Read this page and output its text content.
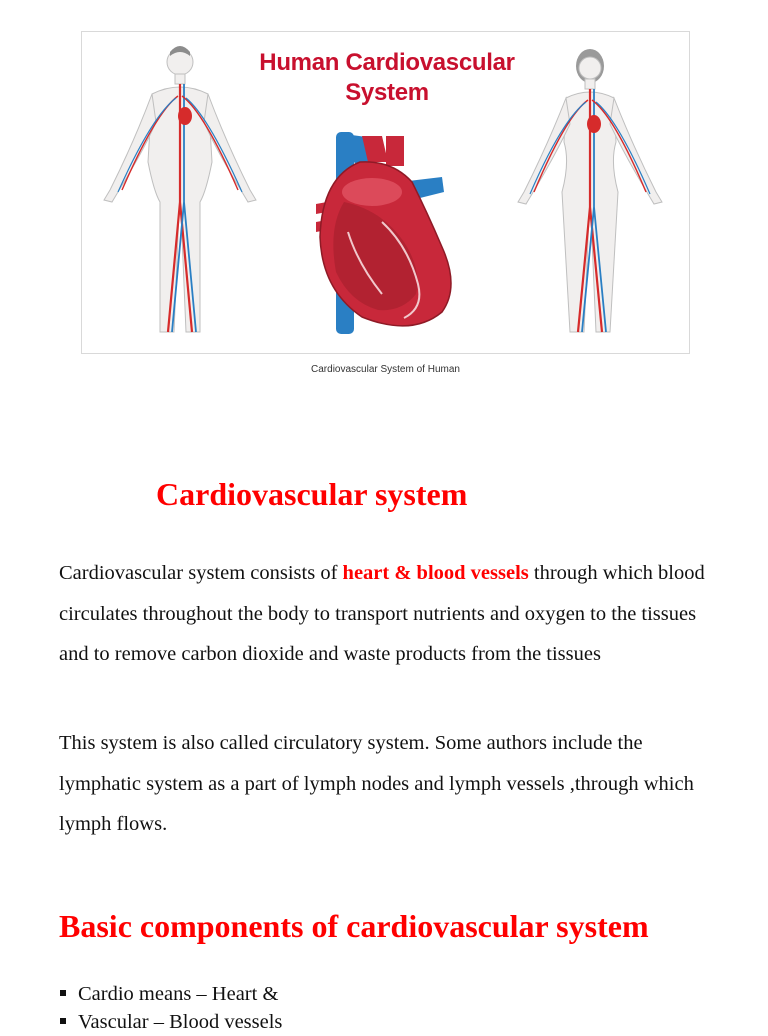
Human Cardiovascular
System
Cardiovascular System of Human
Cardiovascular system

Cardiovascular system consists of heart & blood vessels through which blood circulates throughout the body to transport nutrients and oxygen to the tissues and to remove carbon dioxide and waste products from the tissues

This system is also called circulatory system. Some authors include the lymphatic system as a part of lymph nodes and lymph vessels ,through which lymph flows.

Basic components of cardiovascular system
Cardio means – Heart &
Vascular – Blood vessels
